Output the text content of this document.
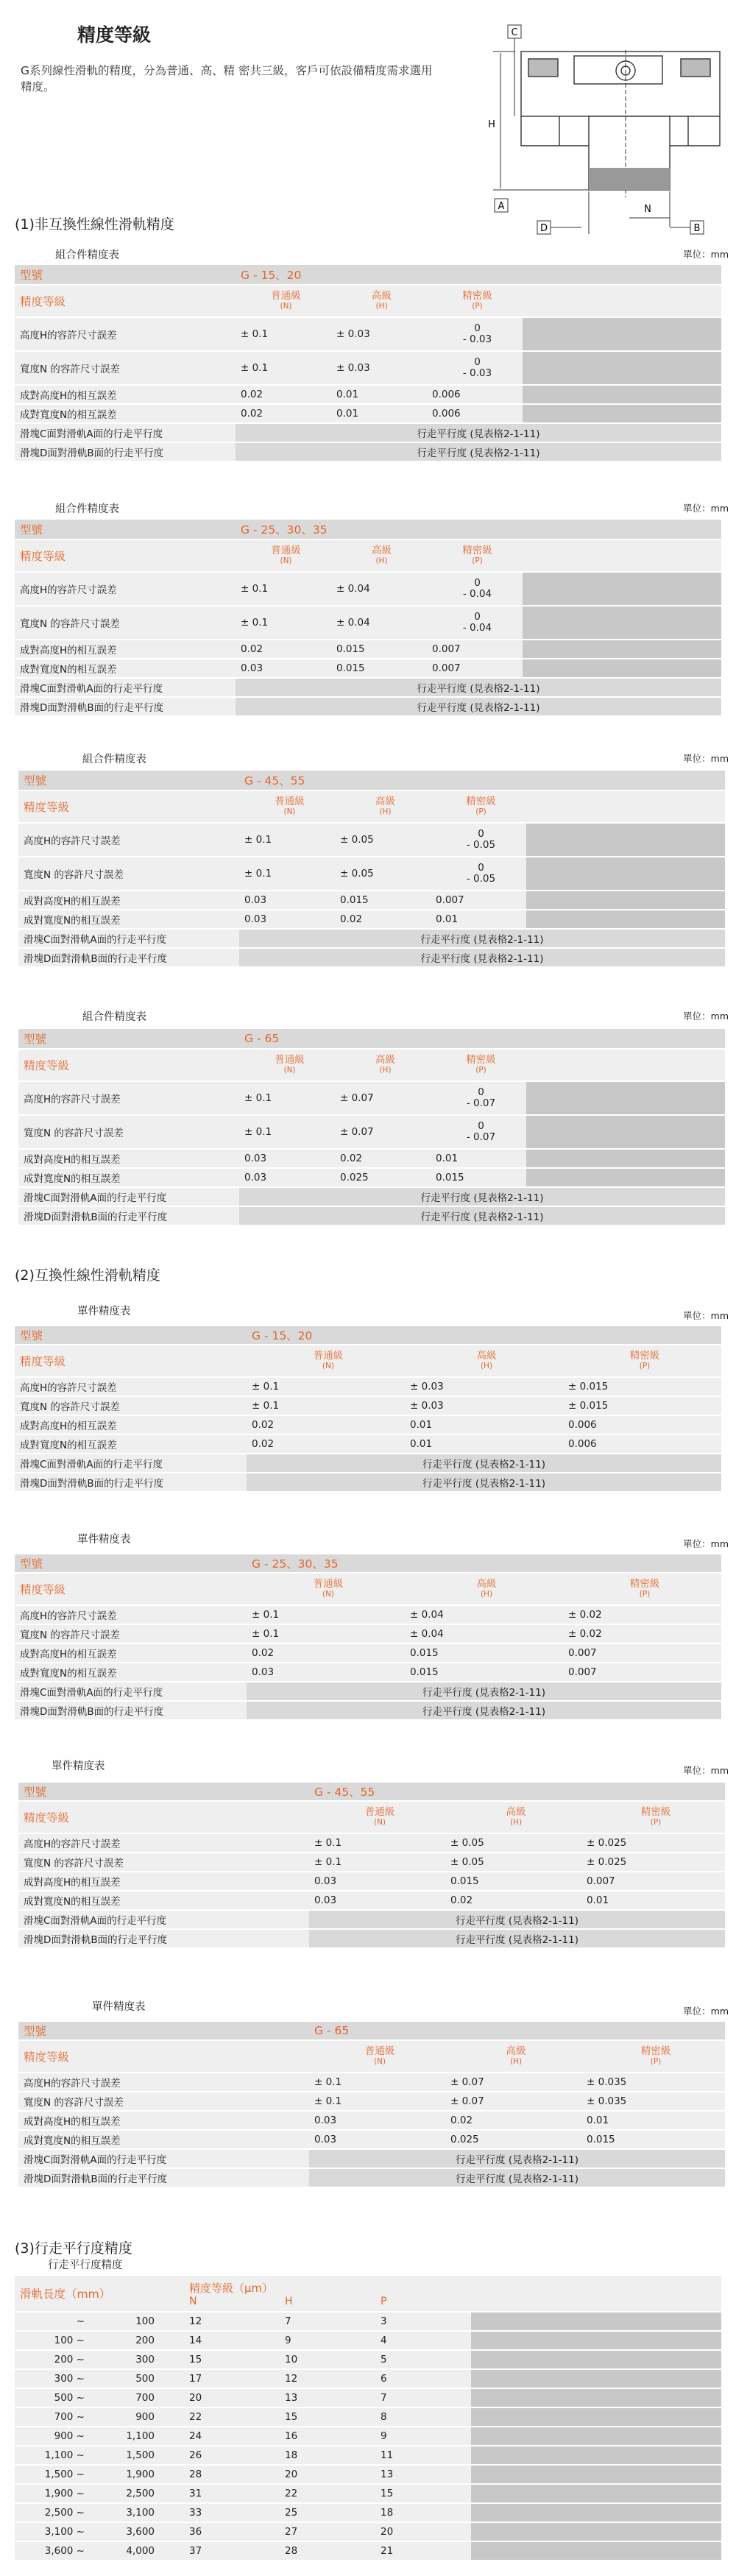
精度等級
G系列線性滑軌的精度，分為普通、高、精 密共三級，客戶可依設備精度需求選用精度。
C
H
A	N
D	B
(1)非互換性線性滑軌精度
(2)互換性線性滑軌精度
(3)行走平行度精度
組合件精度表	單位：mm
型號	G - 15、20
精度等級	普通級
(N)
高級
(H)
精密級
(P)
高度H的容許尺寸誤差	± 0.1	± 0.03	0
- 0.03
寬度N 的容許尺寸誤差	± 0.1	± 0.03	0
- 0.03
成對高度H的相互誤差	0.02	0.01	0.006
成對寬度N的相互誤差	0.02	0.01	0.006
滑塊C面對滑軌A面的行走平行度	行走平行度 (見表格2-1-11)
滑塊D面對滑軌B面的行走平行度	行走平行度 (見表格2-1-11)
組合件精度表	單位：mm
型號	G - 25、30、35
精度等級	普通級
(N)
高級
(H)
精密級
(P)
高度H的容許尺寸誤差	± 0.1	± 0.04	0
- 0.04
寬度N 的容許尺寸誤差	± 0.1	± 0.04	0
- 0.04
成對高度H的相互誤差	0.02	0.015	0.007
成對寬度N的相互誤差	0.03	0.015	0.007
滑塊C面對滑軌A面的行走平行度	行走平行度 (見表格2-1-11)
滑塊D面對滑軌B面的行走平行度	行走平行度 (見表格2-1-11)
組合件精度表	單位：mm
型號	G - 45、55
精度等級	普通級
(N)
高級
(H)
精密級
(P)
高度H的容許尺寸誤差	± 0.1	± 0.05	0
- 0.05
寬度N 的容許尺寸誤差	± 0.1	± 0.05	0
- 0.05
成對高度H的相互誤差	0.03	0.015	0.007
成對寬度N的相互誤差	0.03	0.02	0.01
滑塊C面對滑軌A面的行走平行度	行走平行度 (見表格2-1-11)
滑塊D面對滑軌B面的行走平行度	行走平行度 (見表格2-1-11)
組合件精度表	單位：mm
型號	G - 65
精度等級	普通級
(N)
高級
(H)
精密級
(P)
高度H的容許尺寸誤差	± 0.1	± 0.07	0
- 0.07
寬度N 的容許尺寸誤差	± 0.1	± 0.07	0
- 0.07
成對高度H的相互誤差	0.03	0.02	0.01
成對寬度N的相互誤差	0.03	0.025	0.015
滑塊C面對滑軌A面的行走平行度	行走平行度 (見表格2-1-11)
滑塊D面對滑軌B面的行走平行度	行走平行度 (見表格2-1-11)
單件精度表	單位：mm
型號	G - 15、20
精度等級	普通級
(N)
高級
(H)
精密級
(P)
高度H的容許尺寸誤差	± 0.1	± 0.03	± 0.015
寬度N 的容許尺寸誤差	± 0.1	± 0.03	± 0.015
成對高度H的相互誤差	0.02	0.01	0.006
成對寬度N的相互誤差	0.02	0.01	0.006
滑塊C面對滑軌A面的行走平行度	行走平行度 (見表格2-1-11)
滑塊D面對滑軌B面的行走平行度	行走平行度 (見表格2-1-11)
單件精度表	單位：mm
型號	G - 25、30、35
精度等級	普通級
(N)
高級
(H)
精密級
(P)
高度H的容許尺寸誤差	± 0.1	± 0.04	± 0.02
寬度N 的容許尺寸誤差	± 0.1	± 0.04	± 0.02
成對高度H的相互誤差	0.02	0.015	0.007
成對寬度N的相互誤差	0.03	0.015	0.007
滑塊C面對滑軌A面的行走平行度	行走平行度 (見表格2-1-11)
滑塊D面對滑軌B面的行走平行度	行走平行度 (見表格2-1-11)
單件精度表	單位：mm
型號	G - 45、55
精度等級	普通級
(N)
高級
(H)
精密級
(P)
高度H的容許尺寸誤差	± 0.1	± 0.05	± 0.025
寬度N 的容許尺寸誤差	± 0.1	± 0.05	± 0.025
成對高度H的相互誤差	0.03	0.015	0.007
成對寬度N的相互誤差	0.03	0.02	0.01
滑塊C面對滑軌A面的行走平行度	行走平行度 (見表格2-1-11)
滑塊D面對滑軌B面的行走平行度	行走平行度 (見表格2-1-11)
單件精度表	單位：mm
型號	G - 65
精度等級	普通級
(N)
高級
(H)
精密級
(P)
高度H的容許尺寸誤差	± 0.1	± 0.07	± 0.035
寬度N 的容許尺寸誤差	± 0.1	± 0.07	± 0.035
成對高度H的相互誤差	0.03	0.02	0.01
成對寬度N的相互誤差	0.03	0.025	0.015
滑塊C面對滑軌A面的行走平行度	行走平行度 (見表格2-1-11)
滑塊D面對滑軌B面的行走平行度	行走平行度 (見表格2-1-11)
行走平行度精度
滑軌長度（mm）	精度等級（μm）
N	H	P
~	100	12	7	3
100 ~	200	14	9	4
200 ~	300	15	10	5
300 ~	500	17	12	6
500 ~	700	20	13	7
700 ~	900	22	15	8
900 ~	1,100	24	16	9
1,100 ~	1,500	26	18	11
1,500 ~	1,900	28	20	13
1,900 ~	2,500	31	22	15
2,500 ~	3,100	33	25	18
3,100 ~	3,600	36	27	20
3,600 ~	4,000	37	28	21
